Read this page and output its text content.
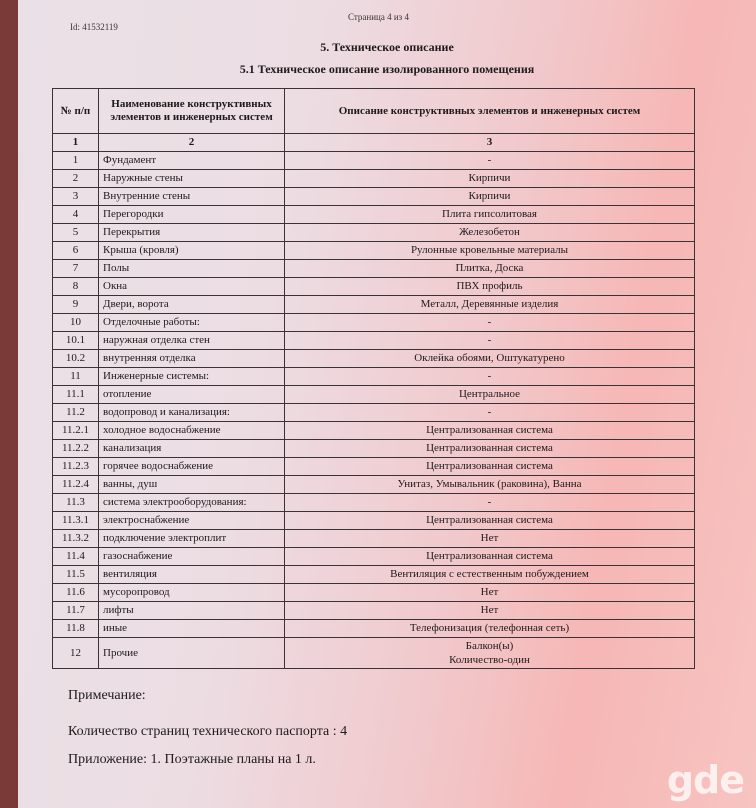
Id: 41532119
Страница 4 из 4
5. Техническое описание
5.1 Техническое описание изолированного помещения
№ п/п	Наименование конструктивных элементов и инженерных систем	Описание конструктивных элементов и инженерных систем
1	2	3

1	Фундамент	-
2	Наружные стены	Кирпичи
3	Внутренние стены	Кирпичи
4	Перегородки	Плита гипсолитовая
5	Перекрытия	Железобетон
6	Крыша (кровля)	Рулонные кровельные материалы
7	Полы	Плитка, Доска
8	Окна	ПВХ профиль
9	Двери, ворота	Металл, Деревянные изделия
10	Отделочные работы:	-
10.1	наружная отделка стен	-
10.2	внутренняя отделка	Оклейка обоями, Оштукатурено
11	Инженерные системы:	-
11.1	отопление	Центральное
11.2	водопровод и канализация:	-
11.2.1	холодное водоснабжение	Централизованная система
11.2.2	канализация	Централизованная система
11.2.3	горячее водоснабжение	Централизованная система
11.2.4	ванны, душ	Унитаз, Умывальник (раковина), Ванна
11.3	система электрооборудования:	-
11.3.1	электроснабжение	Централизованная система
11.3.2	подключение электроплит	Нет
11.4	газоснабжение	Централизованная система
11.5	вентиляция	Вентиляция с естественным побуждением
11.6	мусоропровод	Нет
11.7	лифты	Нет
11.8	иные	Телефонизация (телефонная сеть)
12	Прочие	Балкон(ы)
Количество-один
Примечание:
Количество страниц технического паспорта : 4
Приложение: 1. Поэтажные планы на 1 л.	gde
